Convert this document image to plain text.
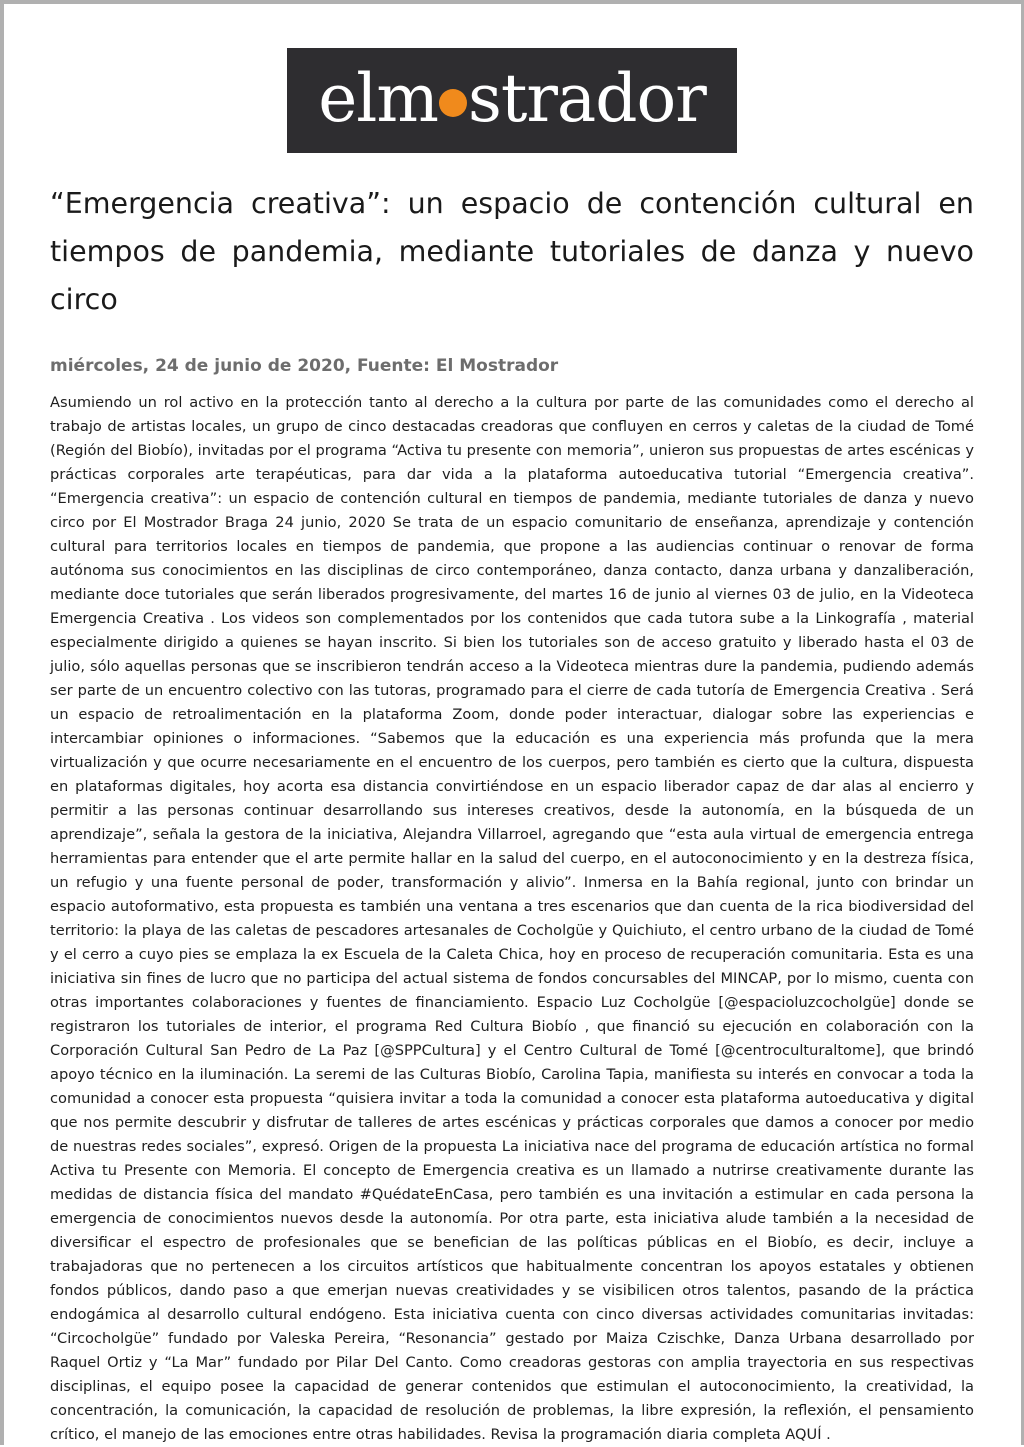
elm strador
“Emergencia creativa”: un espacio de contención cultural en tiempos de pandemia, mediante tutoriales de danza y nuevo circo

miércoles, 24 de junio de 2020, Fuente: El Mostrador

Asumiendo un rol activo en la protección tanto al derecho a la cultura por parte de las comunidades como el derecho al trabajo de artistas locales, un grupo de cinco destacadas creadoras que confluyen en cerros y caletas de la ciudad de Tomé (Región del Biobío), invitadas por el programa “Activa tu presente con memoria”, unieron sus propuestas de artes escénicas y prácticas corporales arte terapéuticas, para dar vida a la plataforma autoeducativa tutorial “Emergencia creativa”. “Emergencia creativa”: un espacio de contención cultural en tiempos de pandemia, mediante tutoriales de danza y nuevo circo por El Mostrador Braga 24 junio, 2020 Se trata de un espacio comunitario de enseñanza, aprendizaje y contención cultural para territorios locales en tiempos de pandemia, que propone a las audiencias continuar o renovar de forma autónoma sus conocimientos en las disciplinas de circo contemporáneo, danza contacto, danza urbana y danzaliberación, mediante doce tutoriales que serán liberados progresivamente, del martes 16 de junio al viernes 03 de julio, en la Videoteca Emergencia Creativa . Los videos son complementados por los contenidos que cada tutora sube a la Linkografía , material especialmente dirigido a quienes se hayan inscrito. Si bien los tutoriales son de acceso gratuito y liberado hasta el 03 de julio, sólo aquellas personas que se inscribieron tendrán acceso a la Videoteca mientras dure la pandemia, pudiendo además ser parte de un encuentro colectivo con las tutoras, programado para el cierre de cada tutoría de Emergencia Creativa . Será un espacio de retroalimentación en la plataforma Zoom, donde poder interactuar, dialogar sobre las experiencias e intercambiar opiniones o informaciones. “Sabemos que la educación es una experiencia más profunda que la mera virtualización y que ocurre necesariamente en el encuentro de los cuerpos, pero también es cierto que la cultura, dispuesta en plataformas digitales, hoy acorta esa distancia convirtiéndose en un espacio liberador capaz de dar alas al encierro y permitir a las personas continuar desarrollando sus intereses creativos, desde la autonomía, en la búsqueda de un aprendizaje”, señala la gestora de la iniciativa, Alejandra Villarroel, agregando que “esta aula virtual de emergencia entrega herramientas para entender que el arte permite hallar en la salud del cuerpo, en el autoconocimiento y en la destreza física, un refugio y una fuente personal de poder, transformación y alivio”. Inmersa en la Bahía regional, junto con brindar un espacio autoformativo, esta propuesta es también una ventana a tres escenarios que dan cuenta de la rica biodiversidad del territorio: la playa de las caletas de pescadores artesanales de Cocholgüe y Quichiuto, el centro urbano de la ciudad de Tomé y el cerro a cuyo pies se emplaza la ex Escuela de la Caleta Chica, hoy en proceso de recuperación comunitaria. Esta es una iniciativa sin fines de lucro que no participa del actual sistema de fondos concursables del MINCAP, por lo mismo, cuenta con otras importantes colaboraciones y fuentes de financiamiento. Espacio Luz Cocholgüe [@espacioluzcocholgüe] donde se registraron los tutoriales de interior, el programa Red Cultura Biobío , que financió su ejecución en colaboración con la Corporación Cultural San Pedro de La Paz [@SPPCultura] y el Centro Cultural de Tomé [@centroculturaltome], que brindó apoyo técnico en la iluminación. La seremi de las Culturas Biobío, Carolina Tapia, manifiesta su interés en convocar a toda la comunidad a conocer esta propuesta “quisiera invitar a toda la comunidad a conocer esta plataforma autoeducativa y digital que nos permite descubrir y disfrutar de talleres de artes escénicas y prácticas corporales que damos a conocer por medio de nuestras redes sociales”, expresó. Origen de la propuesta La iniciativa nace del programa de educación artística no formal Activa tu Presente con Memoria. El concepto de Emergencia creativa es un llamado a nutrirse creativamente durante las medidas de distancia física del mandato #QuédateEnCasa, pero también es una invitación a estimular en cada persona la emergencia de conocimientos nuevos desde la autonomía. Por otra parte, esta iniciativa alude también a la necesidad de diversificar el espectro de profesionales que se benefician de las políticas públicas en el Biobío, es decir, incluye a trabajadoras que no pertenecen a los circuitos artísticos que habitualmente concentran los apoyos estatales y obtienen fondos públicos, dando paso a que emerjan nuevas creatividades y se visibilicen otros talentos, pasando de la práctica endogámica al desarrollo cultural endógeno. Esta iniciativa cuenta con cinco diversas actividades comunitarias invitadas: “Circocholgüe” fundado por Valeska Pereira, “Resonancia” gestado por Maiza Czischke, Danza Urbana desarrollado por Raquel Ortiz y “La Mar” fundado por Pilar Del Canto. Como creadoras gestoras con amplia trayectoria en sus respectivas disciplinas, el equipo posee la capacidad de generar contenidos que estimulan el autoconocimiento, la creatividad, la concentración, la comunicación, la capacidad de resolución de problemas, la libre expresión, la reflexión, el pensamiento crítico, el manejo de las emociones entre otras habilidades. Revisa la programación diaria completa AQUÍ .
